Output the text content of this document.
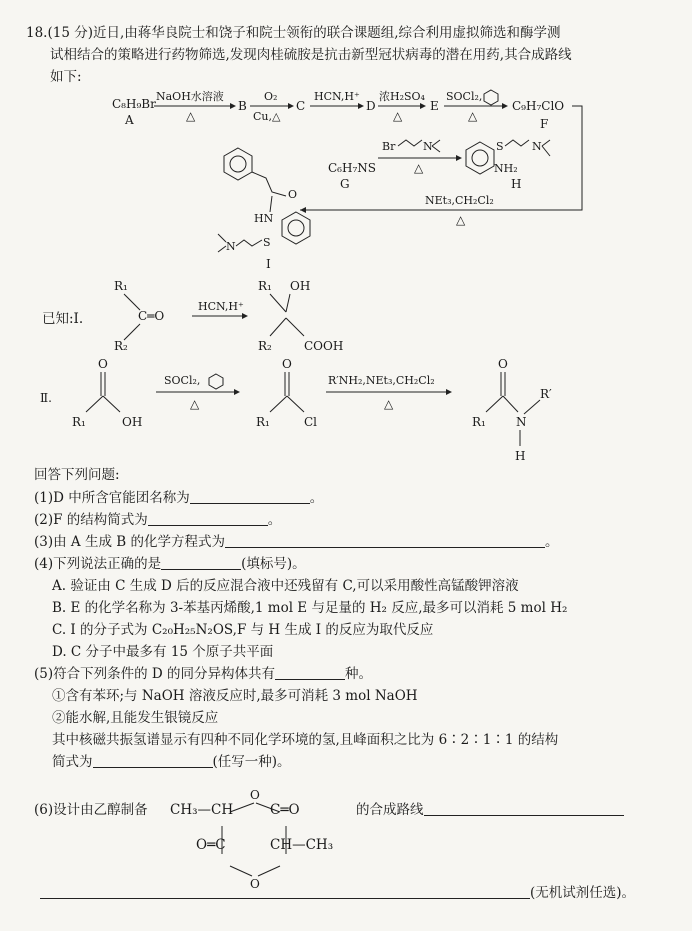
18.(15 分)近日,由蒋华良院士和饶子和院士领衔的联合课题组,综合利用虚拟筛选和酶学测
试相结合的策略进行药物筛选,发现肉桂硫胺是抗击新型冠状病毒的潜在用药,其合成路线
如下:
C₈H₉Br
A
NaOH水溶液
△
B
O₂
Cu,△
C
HCN,H⁺
D
浓H₂SO₄
△
E
SOCl₂,
△
C₉H₇ClO
F
NEt₃,CH₂Cl₂
△
Br	N
C₆H₇NS
G
△
S	N
NH₂
H
O
HN
S
N
I
R₁
C═O
R₂
HCN,H⁺
R₁ OH
R₂	COOH
Ⅱ.
O
R₁	OH
SOCl₂,
△
O
R₁	Cl
R′NH₂,NEt₃,CH₂Cl₂
△
O
R₁	N
R′
H
O
O
已知:Ⅰ.
回答下列问题:
(1)D 中所含官能团名称为	。
(2)F 的结构简式为	。
(3)由 A 生成 B 的化学方程式为	。
(4)下列说法正确的是	(填标号)。
A. 验证由 C 生成 D 后的反应混合液中还残留有 C,可以采用酸性高锰酸钾溶液
B. E 的化学名称为 3-苯基丙烯酸,1 mol E 与足量的 H₂ 反应,最多可以消耗 5 mol H₂
C. I 的分子式为 C₂₀H₂₅N₂OS,F 与 H 生成 I 的反应为取代反应
D. C 分子中最多有 15 个原子共平面
(5)符合下列条件的 D 的同分异构体共有	种。
①含有苯环;与 NaOH 溶液反应时,最多可消耗 3 mol NaOH
②能水解,且能发生银镜反应
其中核磁共振氢谱显示有四种不同化学环境的氢,且峰面积之比为 6∶2∶1∶1 的结构
简式为	(任写一种)。
(6)设计由乙醇制备 CH₃—CH	C═O
O═C	CH—CH₃
的合成路线
(无机试剂任选)。
